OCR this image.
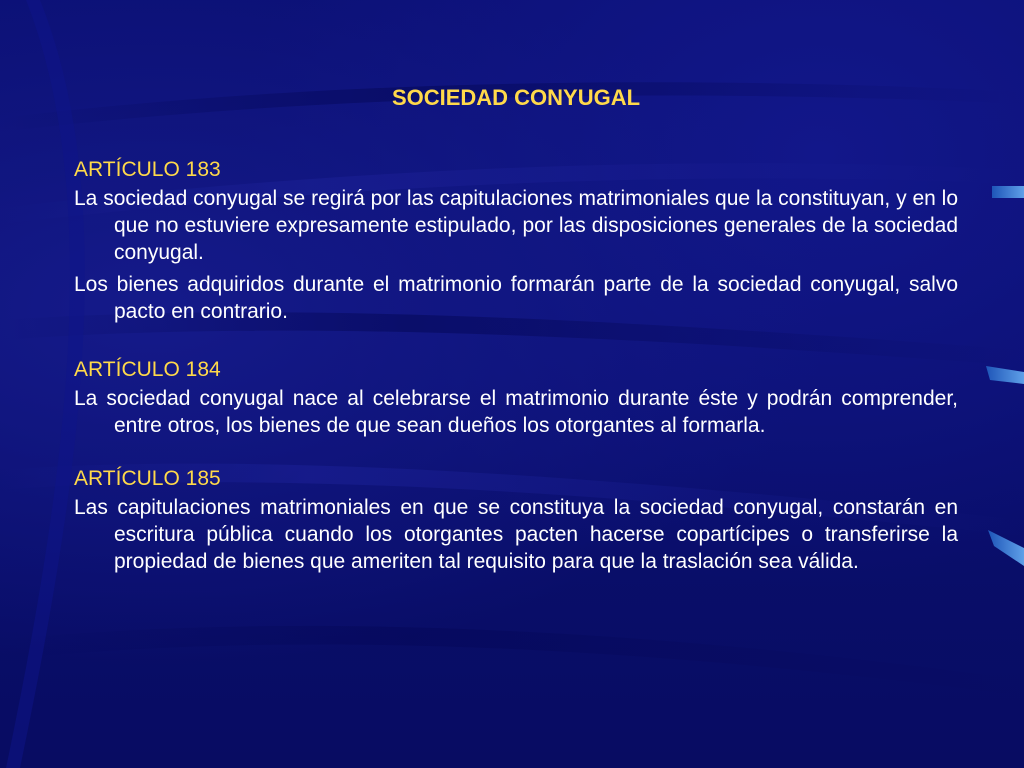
SOCIEDAD CONYUGAL

ARTÍCULO 183

La sociedad conyugal se regirá por las capitulaciones matrimoniales que la constituyan, y en lo que no estuviere expresamente estipulado, por las disposiciones generales de la sociedad conyugal.

Los bienes adquiridos durante el matrimonio formarán parte de la sociedad conyugal, salvo pacto en contrario.

ARTÍCULO 184

La sociedad conyugal nace al celebrarse el matrimonio durante éste y podrán comprender, entre otros, los bienes de que sean dueños los otorgantes al formarla.

ARTÍCULO 185

Las capitulaciones matrimoniales en que se constituya la sociedad conyugal, constarán en escritura pública cuando los otorgantes pacten hacerse copartícipes o transferirse la propiedad de bienes que ameriten tal requisito para que la traslación sea válida.
